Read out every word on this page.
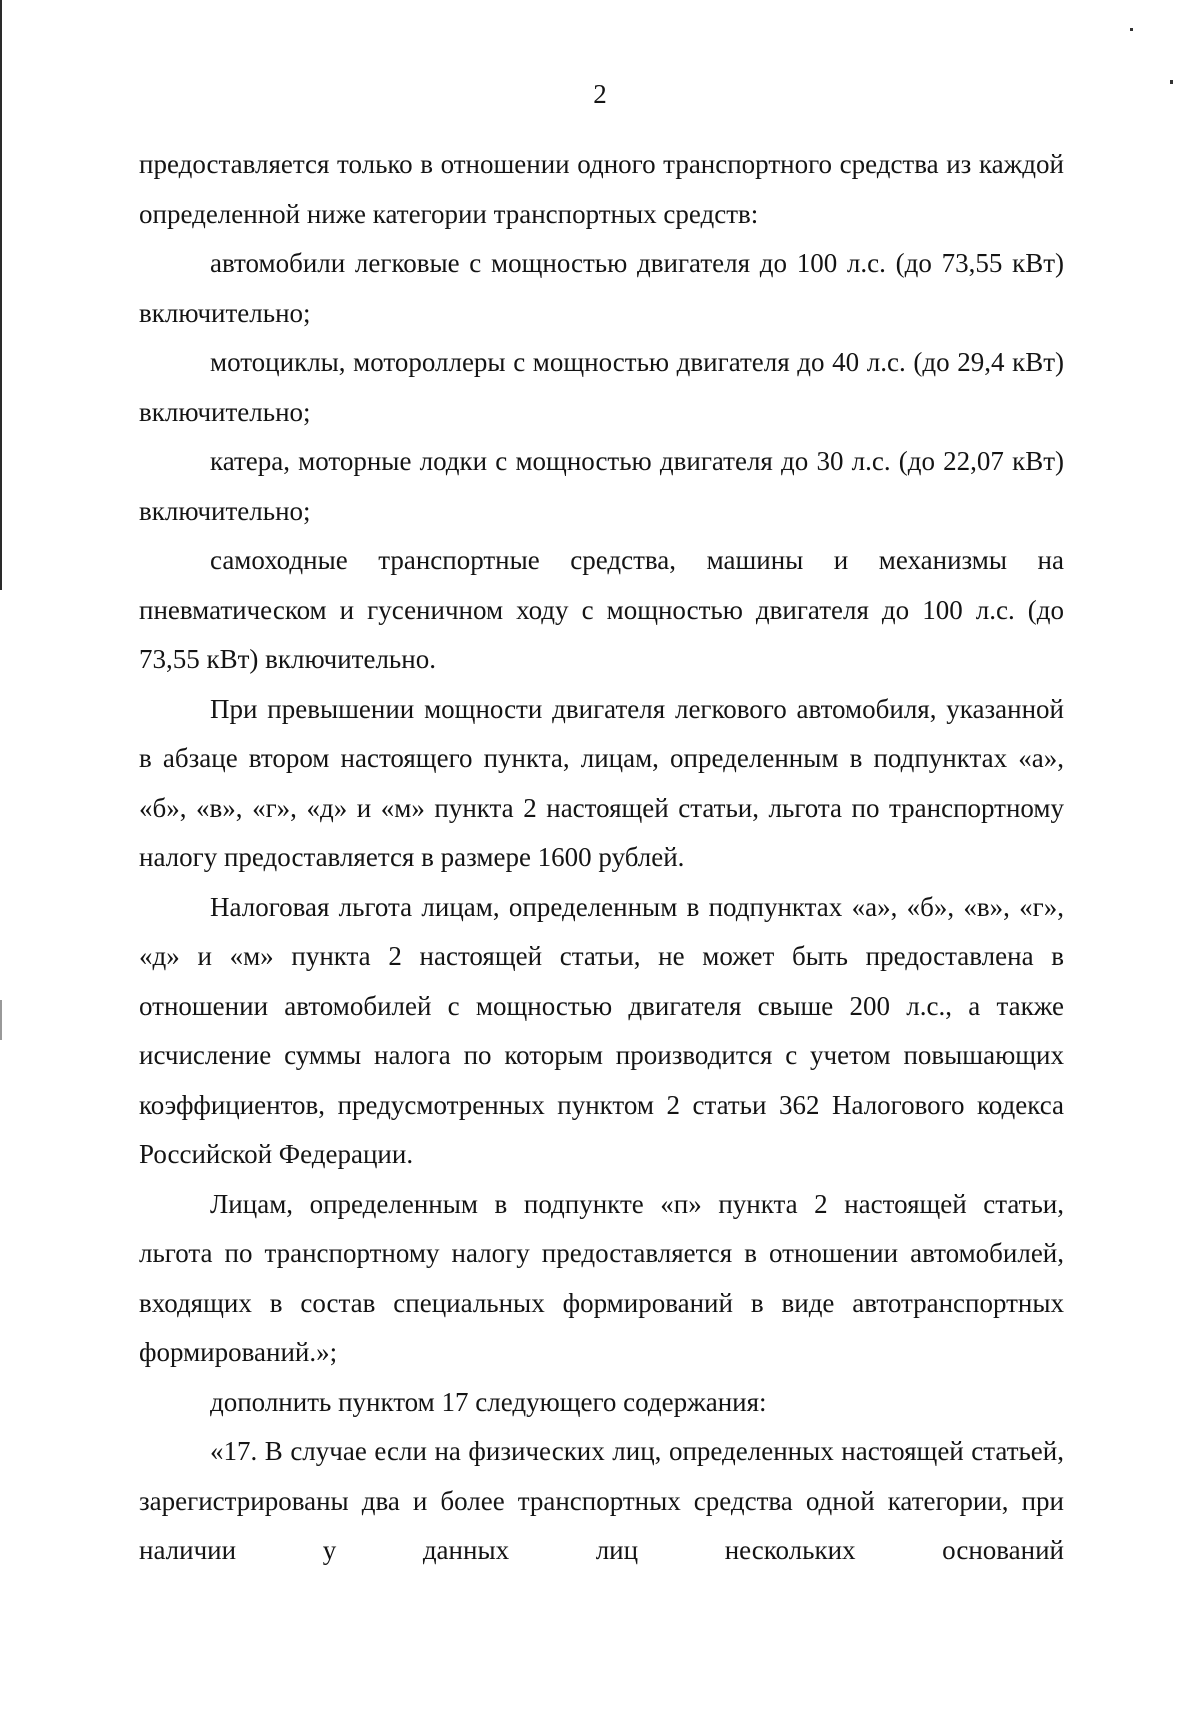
2

предоставляется только в отношении одного транспортного средства из каждой определенной ниже категории транспортных средств:

автомобили легковые с мощностью двигателя до 100 л.с. (до 73,55 кВт) включительно;

мотоциклы, мотороллеры с мощностью двигателя до 40 л.с. (до 29,4 кВт) включительно;

катера, моторные лодки с мощностью двигателя до 30 л.с. (до 22,07 кВт) включительно;

самоходные транспортные средства, машины и механизмы на пневматическом и гусеничном ходу с мощностью двигателя до 100 л.с. (до 73,55 кВт) включительно.

При превышении мощности двигателя легкового автомобиля, указанной в абзаце втором настоящего пункта, лицам, определенным в подпунктах «а», «б», «в», «г», «д» и «м» пункта 2 настоящей статьи, льгота по транспортному налогу предоставляется в размере 1600 рублей.

Налоговая льгота лицам, определенным в подпунктах «а», «б», «в», «г», «д» и «м» пункта 2 настоящей статьи, не может быть предоставлена в отношении автомобилей с мощностью двигателя свыше 200 л.с., а также исчисление суммы налога по которым производится с учетом повышающих коэффициентов, предусмотренных пунктом 2 статьи 362 Налогового кодекса Российской Федерации.

Лицам, определенным в подпункте «п» пункта 2 настоящей статьи, льгота по транспортному налогу предоставляется в отношении автомобилей, входящих в состав специальных формирований в виде автотранспортных формирований.»;

дополнить пунктом 17 следующего содержания:

«17. В случае если на физических лиц, определенных настоящей статьей, зарегистрированы два и более транспортных средства одной категории, при наличии у данных лиц нескольких оснований
